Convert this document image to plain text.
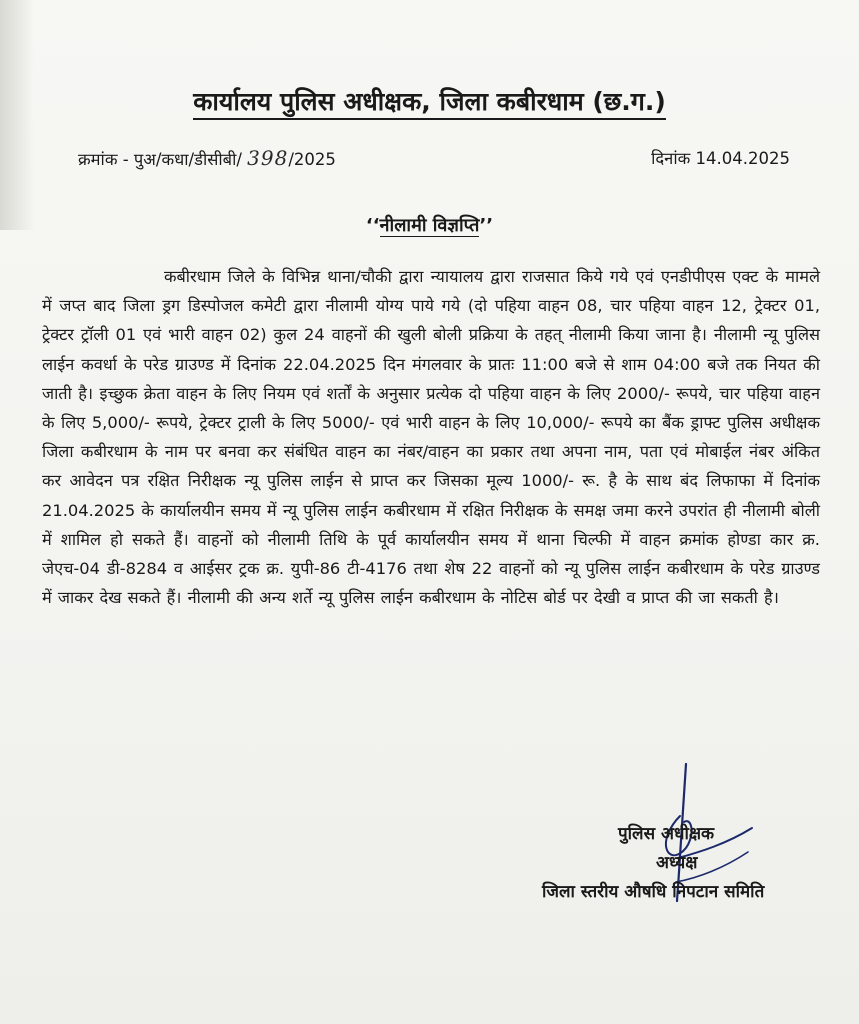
कार्यालय पुलिस अधीक्षक, जिला कबीरधाम (छ.ग.)
क्रमांक - पुअ/कधा/डीसीबी/ 398/2025	दिनांक 14.04.2025
‘‘नीलामी विज्ञप्ति’’
कबीरधाम जिले के विभिन्न थाना/चौकी द्वारा न्यायालय द्वारा राजसात किये गये एवं एनडीपीएस एक्ट के मामले में जप्त बाद जिला ड्रग डिस्पोजल कमेटी द्वारा नीलामी योग्य पाये गये (दो पहिया वाहन 08, चार पहिया वाहन 12, ट्रेक्टर 01, ट्रेक्टर ट्रॉली 01 एवं भारी वाहन 02) कुल 24 वाहनों की खुली बोली प्रक्रिया के तहत् नीलामी किया जाना है। नीलामी न्यू पुलिस लाईन कवर्धा के परेड ग्राउण्ड में दिनांक 22.04.2025 दिन मंगलवार के प्रातः 11:00 बजे से शाम 04:00 बजे तक नियत की जाती है। इच्छुक क्रेता वाहन के लिए नियम एवं शर्तों के अनुसार प्रत्येक दो पहिया वाहन के लिए 2000/- रूपये, चार पहिया वाहन के लिए 5,000/- रूपये, ट्रेक्टर ट्राली के लिए 5000/- एवं भारी वाहन के लिए 10,000/- रूपये का बैंक ड्राफ्ट पुलिस अधीक्षक जिला कबीरधाम के नाम पर बनवा कर संबंधित वाहन का नंबर/वाहन का प्रकार तथा अपना नाम, पता एवं मोबाईल नंबर अंकित कर आवेदन पत्र रक्षित निरीक्षक न्यू पुलिस लाईन से प्राप्त कर जिसका मूल्य 1000/- रू. है के साथ बंद लिफाफा में दिनांक 21.04.2025 के कार्यालयीन समय में न्यू पुलिस लाईन कबीरधाम में रक्षित निरीक्षक के समक्ष जमा करने उपरांत ही नीलामी बोली में शामिल हो सकते हैं। वाहनों को नीलामी तिथि के पूर्व कार्यालयीन समय में थाना चिल्फी में वाहन क्रमांक होण्डा कार क्र. जेएच-04 डी-8284 व आईसर ट्रक क्र. युपी-86 टी-4176 तथा शेष 22 वाहनों को न्यू पुलिस लाईन कबीरधाम के परेड ग्राउण्ड में जाकर देख सकते हैं। नीलामी की अन्य शर्ते न्यू पुलिस लाईन कबीरधाम के नोटिस बोर्ड पर देखी व प्राप्त की जा सकती है।
पुलिस अधीक्षक
अध्यक्ष
जिला स्तरीय औषधि निपटान समिति
